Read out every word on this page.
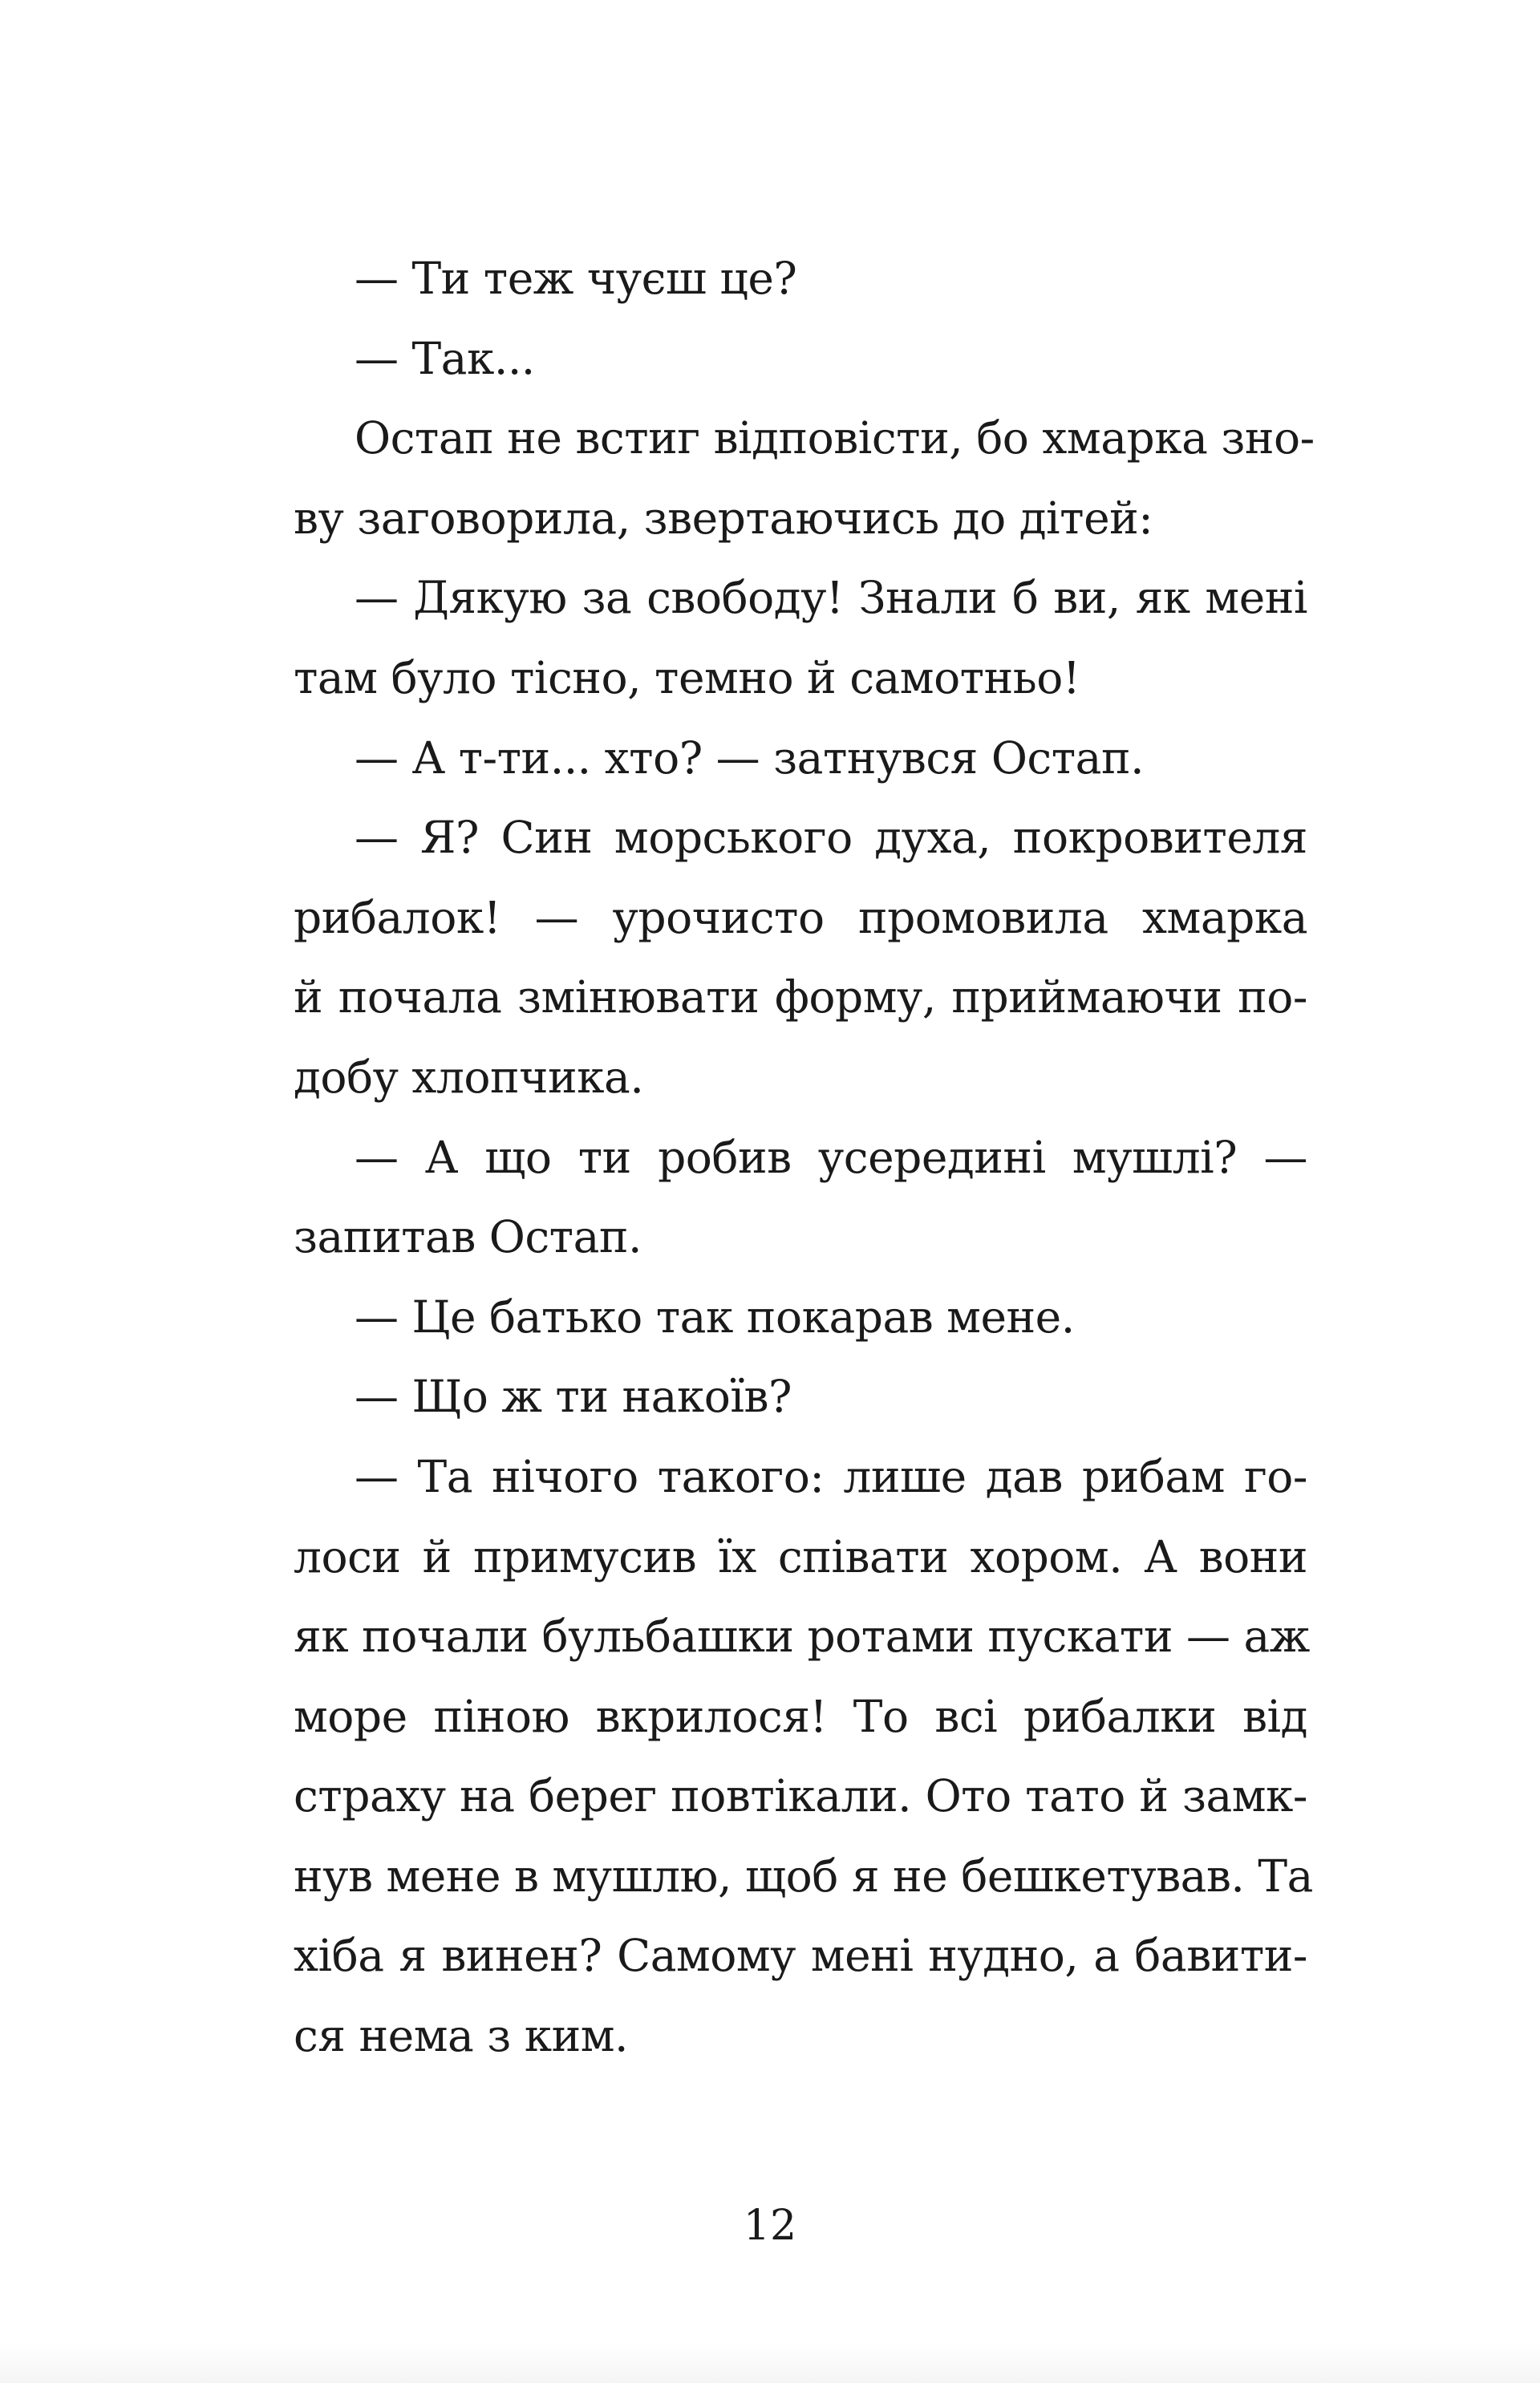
— Ти теж чуєш це?
— Так...
Остап не встиг відповісти, бо хмарка зно-
ву заговорила, звертаючись до дітей:
— Дякую за свободу! Знали б ви, як мені
там було тісно, темно й самотньо!
— А т-ти... хто? — затнувся Остап.
— Я? Син морського духа, покровителя
рибалок! — урочисто промовила хмарка
й почала змінювати форму, приймаючи по-
добу хлопчика.
— А що ти робив усередині мушлі? —
запитав Остап.
— Це батько так покарав мене.
— Що ж ти накоїв?
— Та нічого такого: лише дав рибам го-
лоси й примусив їх співати хором. А вони
як почали бульбашки ротами пускати — аж
море піною вкрилося! То всі рибалки від
страху на берег повтікали. Ото тато й замк-
нув мене в мушлю, щоб я не бешкетував. Та
хіба я винен? Самому мені нудно, а бавити-
ся нема з ким.
12
